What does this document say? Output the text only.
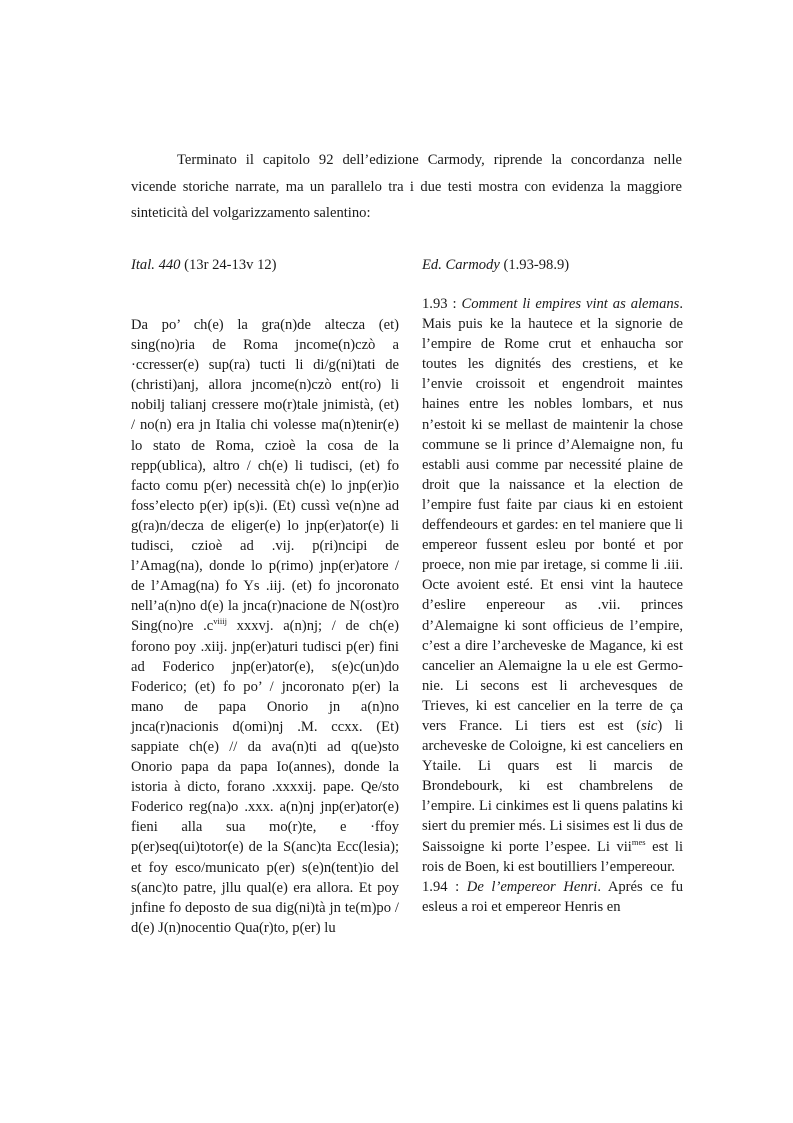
Terminato il capitolo 92 dell’edizione Carmody, riprende la concordanza nelle vicende storiche narrate, ma un parallelo tra i due testi mostra con evidenza la maggiore sinteticità del volgarizzamento salentino:

Ital. 440 (13r 24-13v 12)

Da po’ ch(e) la gra(n)de altecza (et) sing(no)ria de Roma jncome(n)czò a ·ccresser(e) sup(ra) tucti li di/g(ni)tati de (christi)anj, allora jncome(n)czò ent(ro) li nobilj talianj cressere mo(r)tale jnimistà, (et) / no(n) era jn Italia chi volesse ma(n)tenir(e) lo stato de Roma, czioè la cosa de la repp(ublica), altro / ch(e) li tudisci, (et) fo facto comu p(er) necessità ch(e) lo jnp(er)io foss’electo p(er) ip(s)i. (Et) cussì ve(n)ne ad g(ra)n/decza de eliger(e) lo jnp(er)ator(e) li tudisci, czioè ad .vij. p(ri)ncipi de l’Amag(na), donde lo p(rimo) jnp(er)atore / de l’Amag(na) fo Ys .iij. (et) fo jncoronato nell’a(n)no d(e) la jnca(r)nacione de N(ost)ro Sing(no)re $.c^{viiij}$ xxxvj. a(n)nj; / de ch(e) forono poy .xiij. jnp(er)aturi tudisci p(er) fini ad Foderico jnp(er)ator(e), s(e)c(un)do Foderico; (et) fo po’ / jncoronato p(er) la mano de papa Onorio jn a(n)no jnca(r)nacionis d(omi)nj .M. ccxx. (Et) sappiate ch(e) // da ava(n)ti ad q(ue)sto Onorio papa da papa Io(annes), donde la istoria à dicto, forano .xxxxij. pape. Qe/sto Foderico reg(na)o .xxx. a(n)nj jnp(er)ator(e) fieni alla sua mo(r)te, e ·ffoy p(er)seq(ui)totor(e) de la S(anc)ta Ecc(lesia); et foy esco/municato p(er) s(e)n(tent)io del s(anc)to patre, jllu qual(e) era allora. Et poy jnfine fo deposto de sua dig(ni)tà jn te(m)po / d(e) J(n)nocentio Qua(r)to, p(er) lu

Ed. Carmody (1.93-98.9)

1.93 : Comment li empires vint as alemans. Mais puis ke la hautece et la signorie de l’empire de Rome crut et enhaucha sor toutes les dignités des crestiens, et ke l’envie croissoit et engendroit maintes haines entre les nobles lombars, et nus n’estoit ki se mellast de maintenir la chose commune se li prince d’Alemaigne non, fu establi ausi comme par necessité plaine de droit que la naissance et la election de l’empire fust faite par ciaus ki en estoient deffendeours et gardes: en tel maniere que li empereor fussent esleu por bonté et por proece, non mie par iretage, si comme li .iii. Octe avoient esté. Et ensi vint la hautece d’eslire enpereour as .vii. princes d’Alemaigne ki sont officieus de l’empire, c’est a dire l’archeveske de Magance, ki est cancelier an Alemaigne la u ele est Germonie. Li secons est li archevesques de Trieves, ki est cancelier en la terre de ça vers France. Li tiers est est (sic) li archeveske de Coloigne, ki est canceliers en Ytaile. Li quars est li marcis de Brondebourk, ki est chambrelens de l’empire. Li cinkimes est li quens palatins ki siert du premier més. Li sisimes est li dus de Saissoigne ki porte l’espee. Li vii$^{mes}$ est li rois de Boen, ki est boutilliers l’empereour.

1.94 : De l’empereor Henri. Aprés ce fu esleus a roi et empereor Henris en
